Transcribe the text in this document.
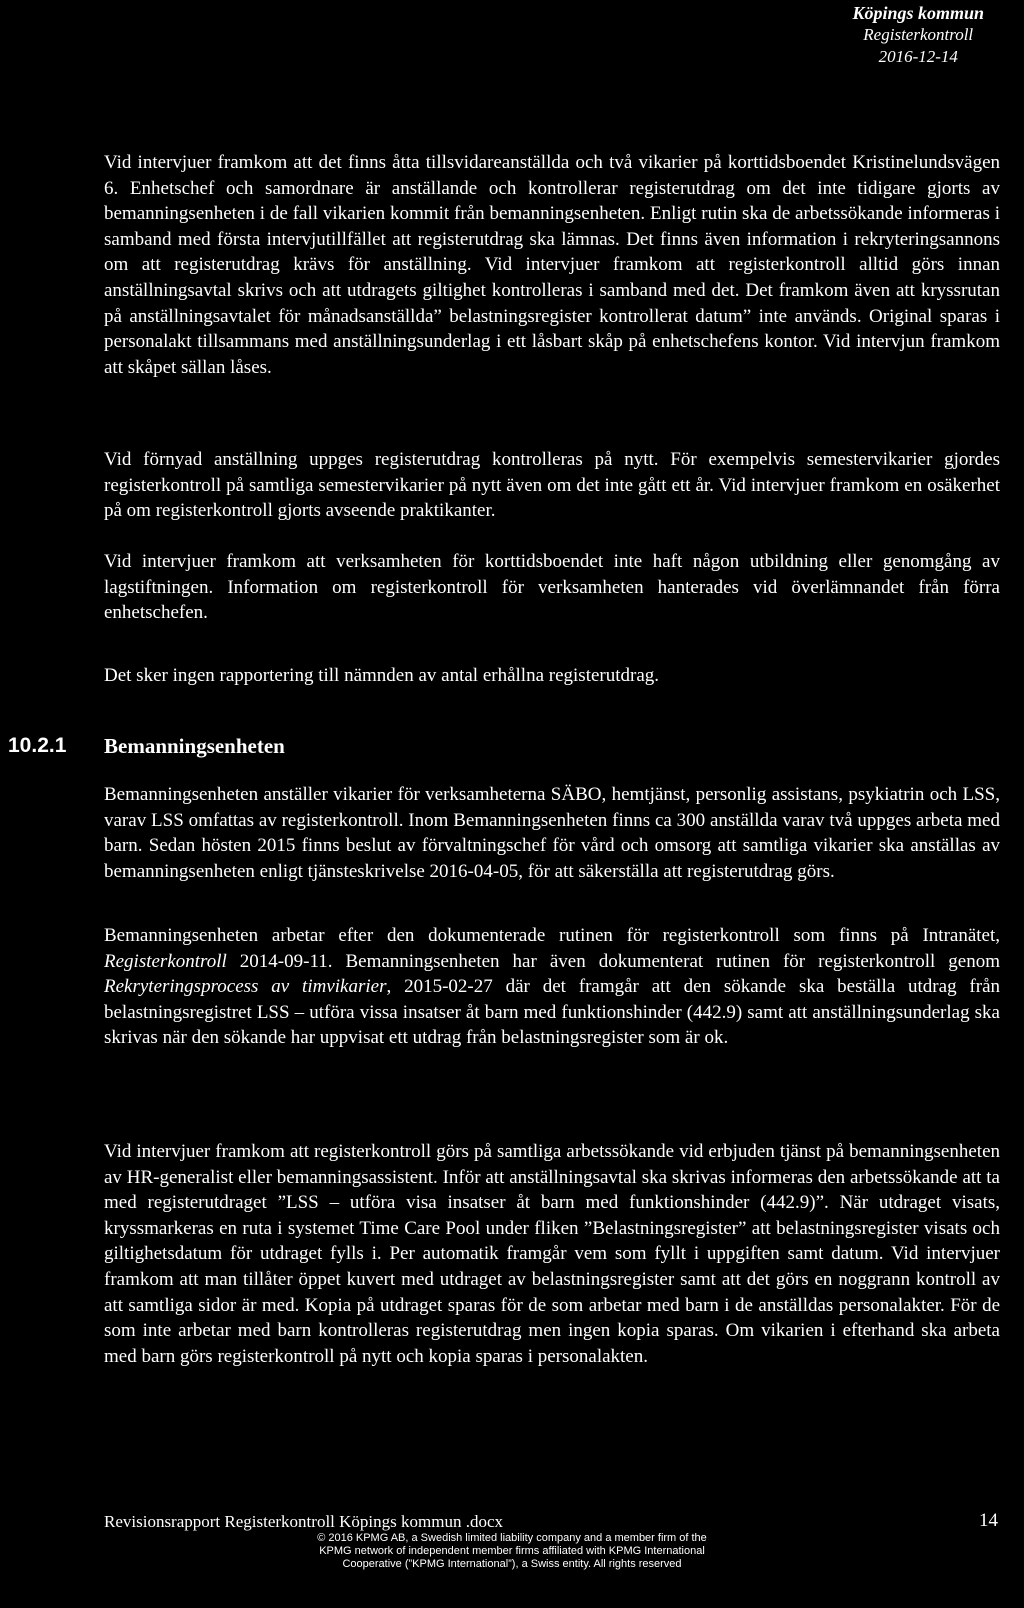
Köpings kommun
Registerkontroll
2016-12-14

Vid intervjuer framkom att det finns åtta tillsvidareanställda och två vikarier på korttidsboendet Kristinelundsvägen 6. Enhetschef och samordnare är anställande och kontrollerar registerutdrag om det inte tidigare gjorts av bemanningsenheten i de fall vikarien kommit från bemanningsenheten. Enligt rutin ska de arbetssökande informeras i samband med första intervjutillfället att registerutdrag ska lämnas. Det finns även information i rekryteringsannons om att registerutdrag krävs för anställning. Vid intervjuer framkom att registerkontroll alltid görs innan anställningsavtal skrivs och att utdragets giltighet kontrolleras i samband med det. Det framkom även att kryssrutan på anställningsavtalet för månadsanställda” belastningsregister kontrollerat datum” inte används. Original sparas i personalakt tillsammans med anställningsunderlag i ett låsbart skåp på enhetschefens kontor. Vid intervjun framkom att skåpet sällan låses.

Vid förnyad anställning uppges registerutdrag kontrolleras på nytt. För exempelvis semestervikarier gjordes registerkontroll på samtliga semestervikarier på nytt även om det inte gått ett år. Vid intervjuer framkom en osäkerhet på om registerkontroll gjorts avseende praktikanter.

Vid intervjuer framkom att verksamheten för korttidsboendet inte haft någon utbildning eller genomgång av lagstiftningen. Information om registerkontroll för verksamheten hanterades vid överlämnandet från förra enhetschefen.

Det sker ingen rapportering till nämnden av antal erhållna registerutdrag.

10.2.1 Bemanningsenheten

Bemanningsenheten anställer vikarier för verksamheterna SÄBO, hemtjänst, personlig assistans, psykiatrin och LSS, varav LSS omfattas av registerkontroll. Inom Bemanningsenheten finns ca 300 anställda varav två uppges arbeta med barn. Sedan hösten 2015 finns beslut av förvaltningschef för vård och omsorg att samtliga vikarier ska anställas av bemanningsenheten enligt tjänsteskrivelse 2016-04-05, för att säkerställa att registerutdrag görs.

Bemanningsenheten arbetar efter den dokumenterade rutinen för registerkontroll som finns på Intranätet, Registerkontroll 2014-09-11. Bemanningsenheten har även dokumenterat rutinen för registerkontroll genom Rekryteringsprocess av timvikarier, 2015-02-27 där det framgår att den sökande ska beställa utdrag från belastningsregistret LSS – utföra vissa insatser åt barn med funktionshinder (442.9) samt att anställningsunderlag ska skrivas när den sökande har uppvisat ett utdrag från belastningsregister som är ok.

Vid intervjuer framkom att registerkontroll görs på samtliga arbetssökande vid erbjuden tjänst på bemanningsenheten av HR-generalist eller bemanningsassistent. Inför att anställningsavtal ska skrivas informeras den arbetssökande att ta med registerutdraget ”LSS – utföra visa insatser åt barn med funktionshinder (442.9)”. När utdraget visats, kryssmarkeras en ruta i systemet Time Care Pool under fliken ”Belastningsregister” att belastningsregister visats och giltighetsdatum för utdraget fylls i. Per automatik framgår vem som fyllt i uppgiften samt datum. Vid intervjuer framkom att man tillåter öppet kuvert med utdraget av belastningsregister samt att det görs en noggrann kontroll av att samtliga sidor är med. Kopia på utdraget sparas för de som arbetar med barn i de anställdas personalakter. För de som inte arbetar med barn kontrolleras registerutdrag men ingen kopia sparas. Om vikarien i efterhand ska arbeta med barn görs registerkontroll på nytt och kopia sparas i personalakten.

Revisionsrapport Registerkontroll Köpings kommun .docx	14
© 2016 KPMG AB, a Swedish limited liability company and a member firm of the
KPMG network of independent member firms affiliated with KPMG International
Cooperative (”KPMG International”), a Swiss entity. All rights reserved
